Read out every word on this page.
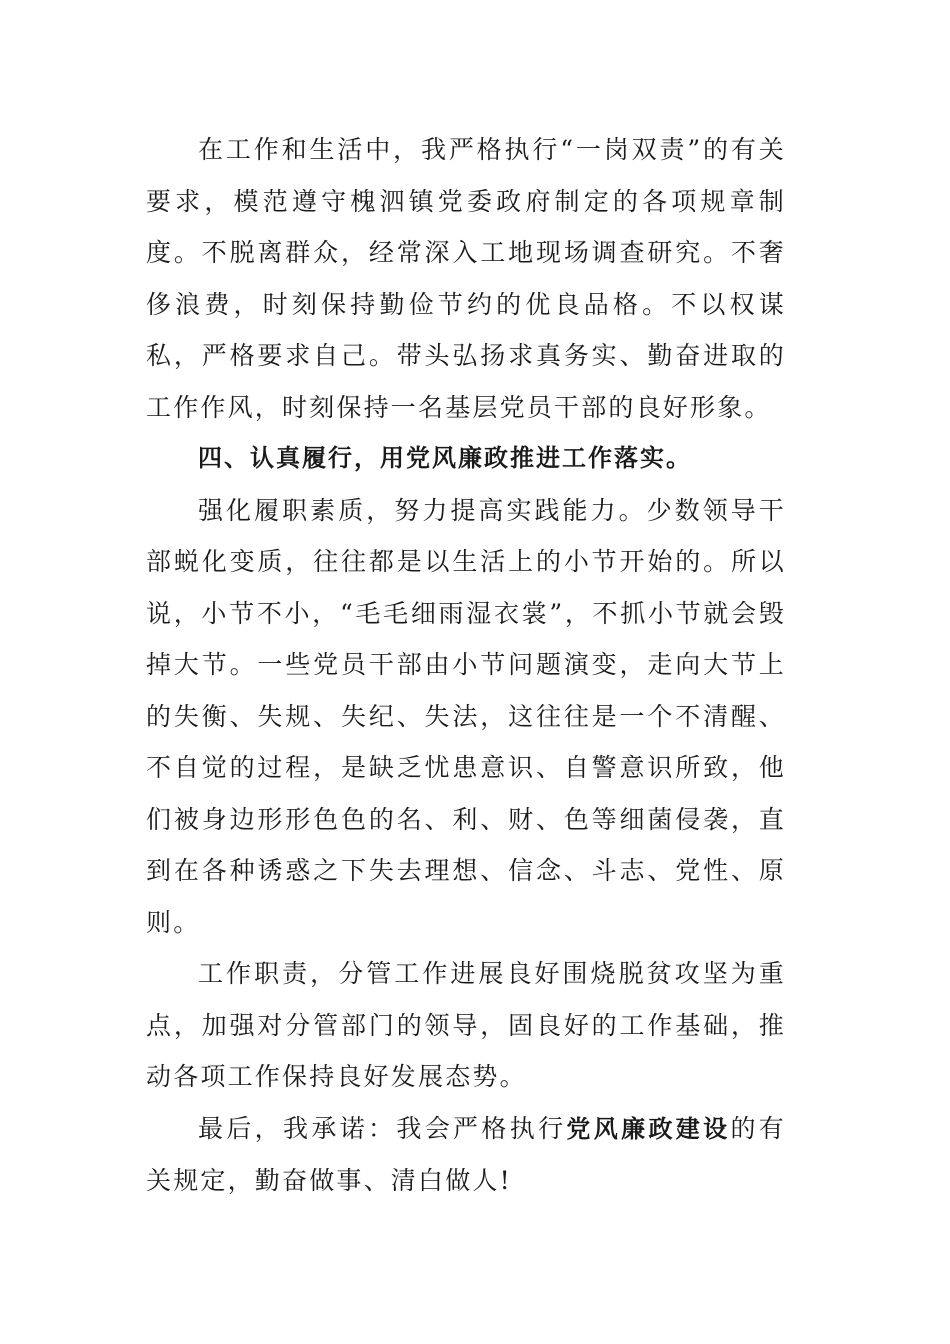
在工作和生活中，我严格执行“一岗双责”的有关要求，模范遵守槐泗镇党委政府制定的各项规章制度。不脱离群众，经常深入工地现场调查研究。不奢侈浪费，时刻保持勤俭节约的优良品格。不以权谋私，严格要求自己。带头弘扬求真务实、勤奋进取的工作作风，时刻保持一名基层党员干部的良好形象。

四、认真履行，用党风廉政推进工作落实。

强化履职素质，努力提高实践能力。少数领导干部蜕化变质，往往都是以生活上的小节开始的。所以说，小节不小，“毛毛细雨湿衣裳”，不抓小节就会毁掉大节。一些党员干部由小节问题演变，走向大节上的失衡、失规、失纪、失法，这往往是一个不清醒、不自觉的过程，是缺乏忧患意识、自警意识所致，他们被身边形形色色的名、利、财、色等细菌侵袭，直到在各种诱惑之下失去理想、信念、斗志、党性、原则。

工作职责，分管工作进展良好围烧脱贫攻坚为重点，加强对分管部门的领导，固良好的工作基础，推动各项工作保持良好发展态势。

最后，我承诺：我会严格执行党风廉政建设的有关规定，勤奋做事、清白做人!
